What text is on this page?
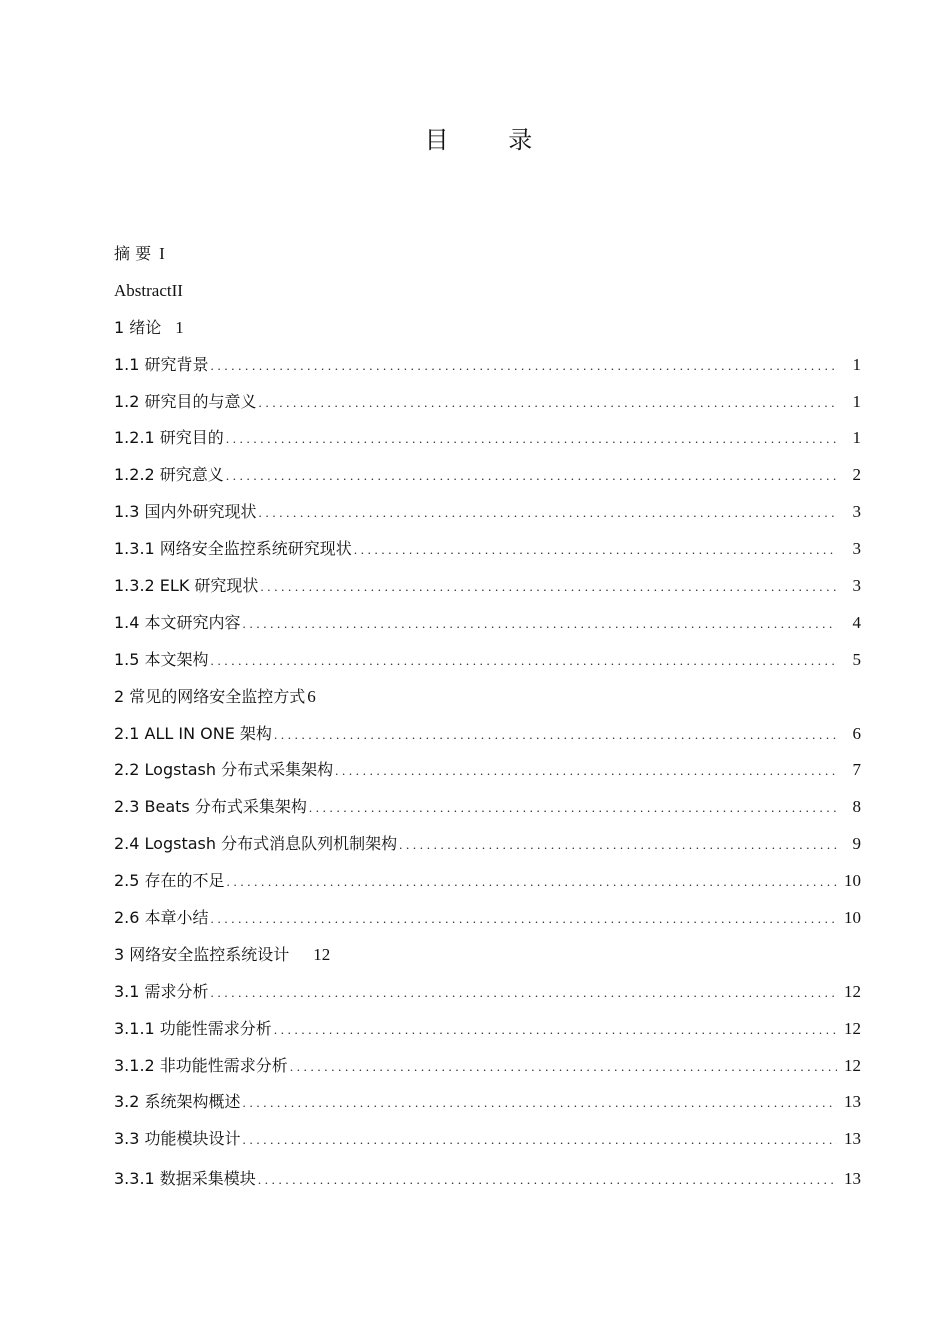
目 录
摘 要 I
Abstract II
1 绪论 1
1.1 研究背景 . . .	1
1.2 研究目的与意义 . . .	1
1.2.1 研究目的 . . .	1
1.2.2 研究意义 . . .	2
1.3 国内外研究现状 . . .	3
1.3.1 网络安全监控系统研究现状 . . .	3
1.3.2 ELK 研究现状 . . .	3
1.4 本文研究内容 . . .	4
1.5 本文架构 . . .	5
2 常见的网络安全监控方式 6
2.1 ALL IN ONE 架构 . . .	6
2.2 Logstash 分布式采集架构 . . .	7
2.3 Beats 分布式采集架构 . . .	8
2.4 Logstash 分布式消息队列机制架构 . . .	9
2.5 存在的不足 . . .	10
2.6 本章小结 . . .	10
3 网络安全监控系统设计 12
3.1 需求分析 . . .	12
3.1.1 功能性需求分析 . . .	12
3.1.2 非功能性需求分析 . . .	12
3.2 系统架构概述 . . .	13
3.3 功能模块设计 . . .	13
3.3.1 数据采集模块 . . .	13
